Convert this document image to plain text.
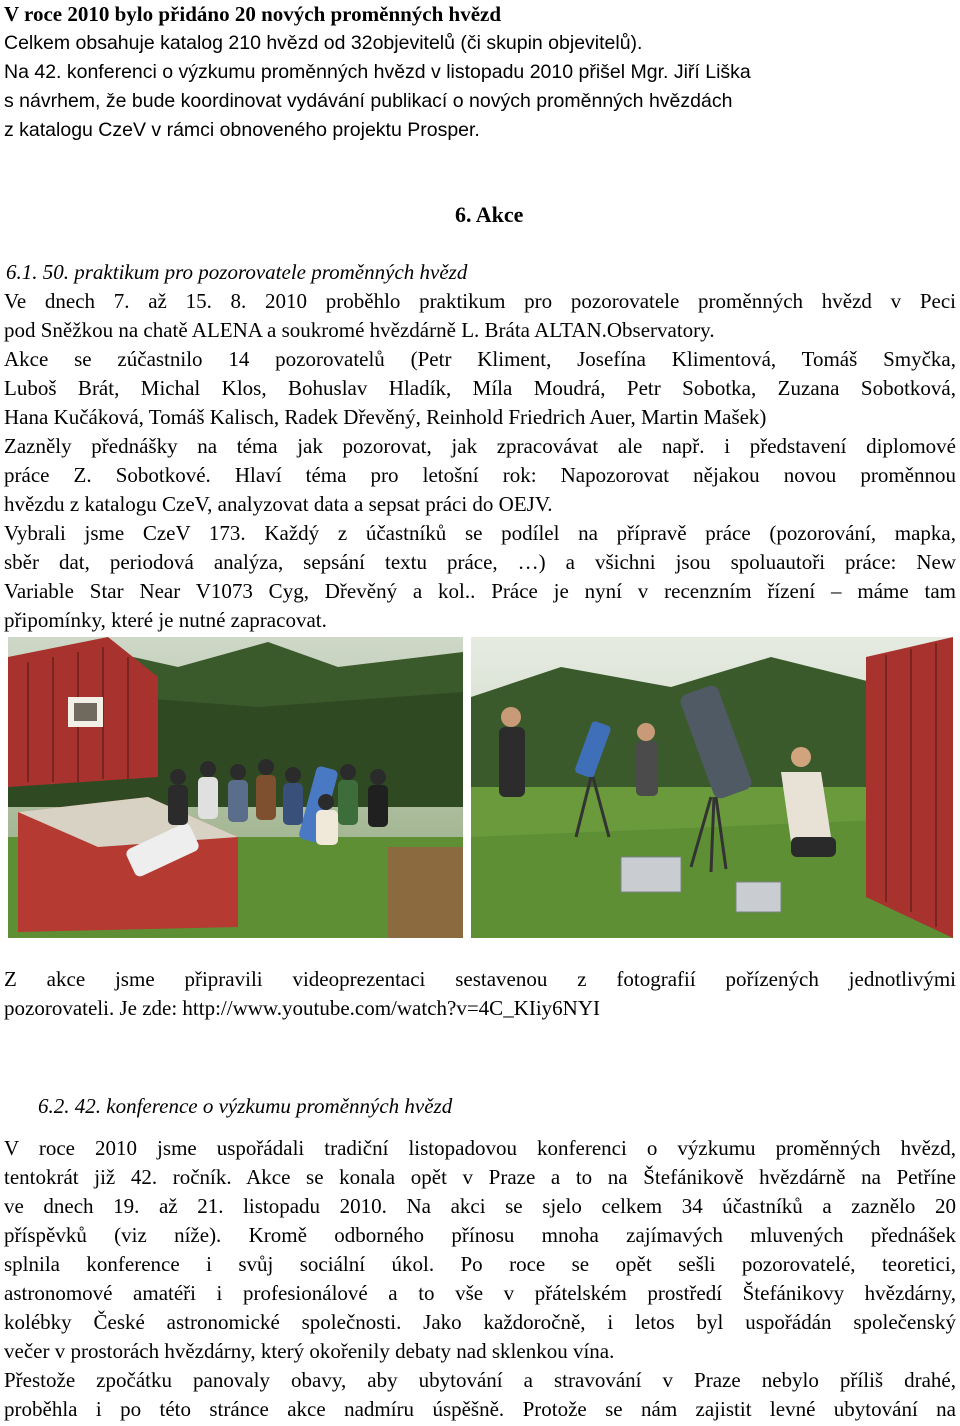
V roce 2010 bylo přidáno 20 nových proměnných hvězd
Celkem obsahuje katalog 210 hvězd od 32objevitelů (či skupin objevitelů).
Na 42. konferenci o výzkumu proměnných hvězd v listopadu 2010 přišel Mgr. Jiří Liška
s návrhem, že bude koordinovat vydávání publikací o nových proměnných hvězdách
z katalogu CzeV v rámci obnoveného projektu Prosper.
6. Akce
6.1. 50. praktikum pro pozorovatele proměnných hvězd
Ve dnech 7. až 15. 8. 2010 proběhlo praktikum pro pozorovatele proměnných hvězd v Peci
pod Sněžkou na chatě ALENA a soukromé hvězdárně L. Bráta ALTAN.Observatory.
Akce se zúčastnilo 14 pozorovatelů (Petr Kliment, Josefína Klimentová, Tomáš Smyčka,
Luboš Brát, Michal Klos, Bohuslav Hladík, Míla Moudrá, Petr Sobotka, Zuzana Sobotková,
Hana Kučáková, Tomáš Kalisch, Radek Dřevěný, Reinhold Friedrich Auer, Martin Mašek)
Zazněly přednášky na téma jak pozorovat, jak zpracovávat ale např. i představení diplomové
práce Z. Sobotkové. Hlaví téma pro letošní rok: Napozorovat nějakou novou proměnnou
hvězdu z katalogu CzeV, analyzovat data a sepsat práci do OEJV.
Vybrali jsme CzeV 173. Každý z účastníků se podílel na přípravě práce (pozorování, mapka,
sběr dat, periodová analýza, sepsání textu práce, …) a všichni jsou spoluautoři práce: New
Variable Star Near V1073 Cyg, Dřevěný a kol.. Práce je nyní v recenzním řízení – máme tam
připomínky, které je nutné zapracovat.
Z akce jsme připravili videoprezentaci sestavenou z fotografií pořízených jednotlivými
pozorovateli. Je zde: http://www.youtube.com/watch?v=4C_KIiy6NYI
6.2. 42. konference o výzkumu proměnných hvězd
V roce 2010 jsme uspořádali tradiční listopadovou konferenci o výzkumu proměnných hvězd,
tentokrát již 42. ročník. Akce se konala opět v Praze a to na Štefánikově hvězdárně na Petříne
ve dnech 19. až 21. listopadu 2010. Na akci se sjelo celkem 34 účastníků a zaznělo 20
příspěvků (viz níže). Kromě odborného přínosu mnoha zajímavých mluvených přednášek
splnila konference i svůj sociální úkol. Po roce se opět sešli pozorovatelé, teoretici,
astronomové amatéři i profesionálové a to vše v přátelském prostředí Štefánikovy hvězdárny,
kolébky České astronomické společnosti. Jako každoročně, i letos byl uspořádán společenský
večer v prostorách hvězdárny, který okořenily debaty nad sklenkou vína.
Přestože zpočátku panovaly obavy, aby ubytování a stravování v Praze nebylo příliš drahé,
proběhla i po této stránce akce nadmíru úspěšně. Protože se nám zajistit levné ubytování na
